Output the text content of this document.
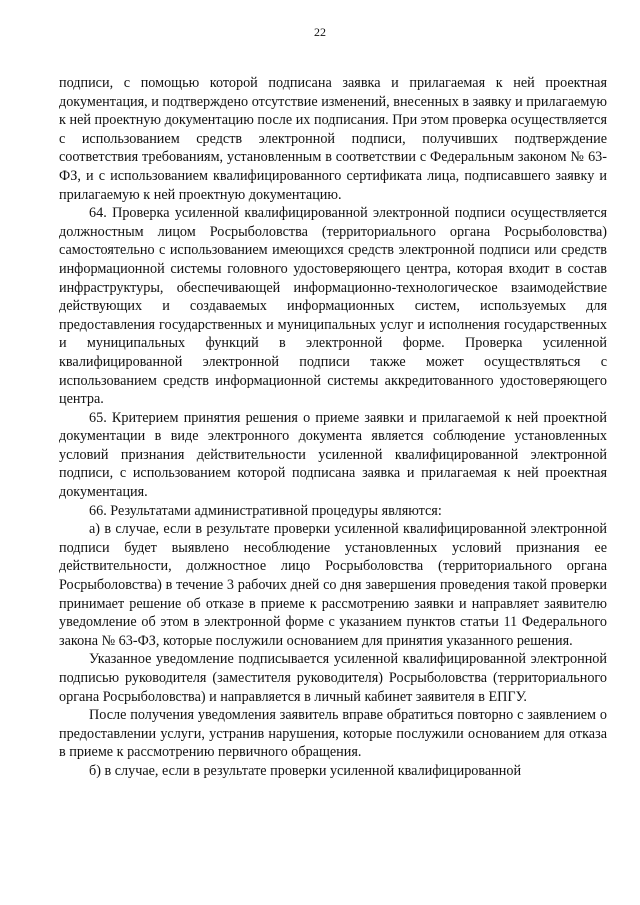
22

подписи, с помощью которой подписана заявка и прилагаемая к ней проектная документация, и подтверждено отсутствие изменений, внесенных в заявку и прилагаемую к ней проектную документацию после их подписания. При этом проверка осуществляется с использованием средств электронной подписи, получивших подтверждение соответствия требованиям, установленным в соответствии с Федеральным законом № 63-ФЗ, и с использованием квалифицированного сертификата лица, подписавшего заявку и прилагаемую к ней проектную документацию.

64. Проверка усиленной квалифицированной электронной подписи осуществляется должностным лицом Росрыболовства (территориального органа Росрыболовства) самостоятельно с использованием имеющихся средств электронной подписи или средств информационной системы головного удостоверяющего центра, которая входит в состав инфраструктуры, обеспечивающей информационно-технологическое взаимодействие действующих и создаваемых информационных систем, используемых для предоставления государственных и муниципальных услуг и исполнения государственных и муниципальных функций в электронной форме. Проверка усиленной квалифицированной электронной подписи также может осуществляться с использованием средств информационной системы аккредитованного удостоверяющего центра.

65. Критерием принятия решения о приеме заявки и прилагаемой к ней проектной документации в виде электронного документа является соблюдение установленных условий признания действительности усиленной квалифицированной электронной подписи, с использованием которой подписана заявка и прилагаемая к ней проектная документация.

66. Результатами административной процедуры являются:

а) в случае, если в результате проверки усиленной квалифицированной электронной подписи будет выявлено несоблюдение установленных условий признания ее действительности, должностное лицо Росрыболовства (территориального органа Росрыболовства) в течение 3 рабочих дней со дня завершения проведения такой проверки принимает решение об отказе в приеме к рассмотрению заявки и направляет заявителю уведомление об этом в электронной форме с указанием пунктов статьи 11 Федерального закона № 63-ФЗ, которые послужили основанием для принятия указанного решения.

Указанное уведомление подписывается усиленной квалифицированной электронной подписью руководителя (заместителя руководителя) Росрыболовства (территориального органа Росрыболовства) и направляется в личный кабинет заявителя в ЕПГУ.

После получения уведомления заявитель вправе обратиться повторно с заявлением о предоставлении услуги, устранив нарушения, которые послужили основанием для отказа в приеме к рассмотрению первичного обращения.

б) в случае, если в результате проверки усиленной квалифицированной
